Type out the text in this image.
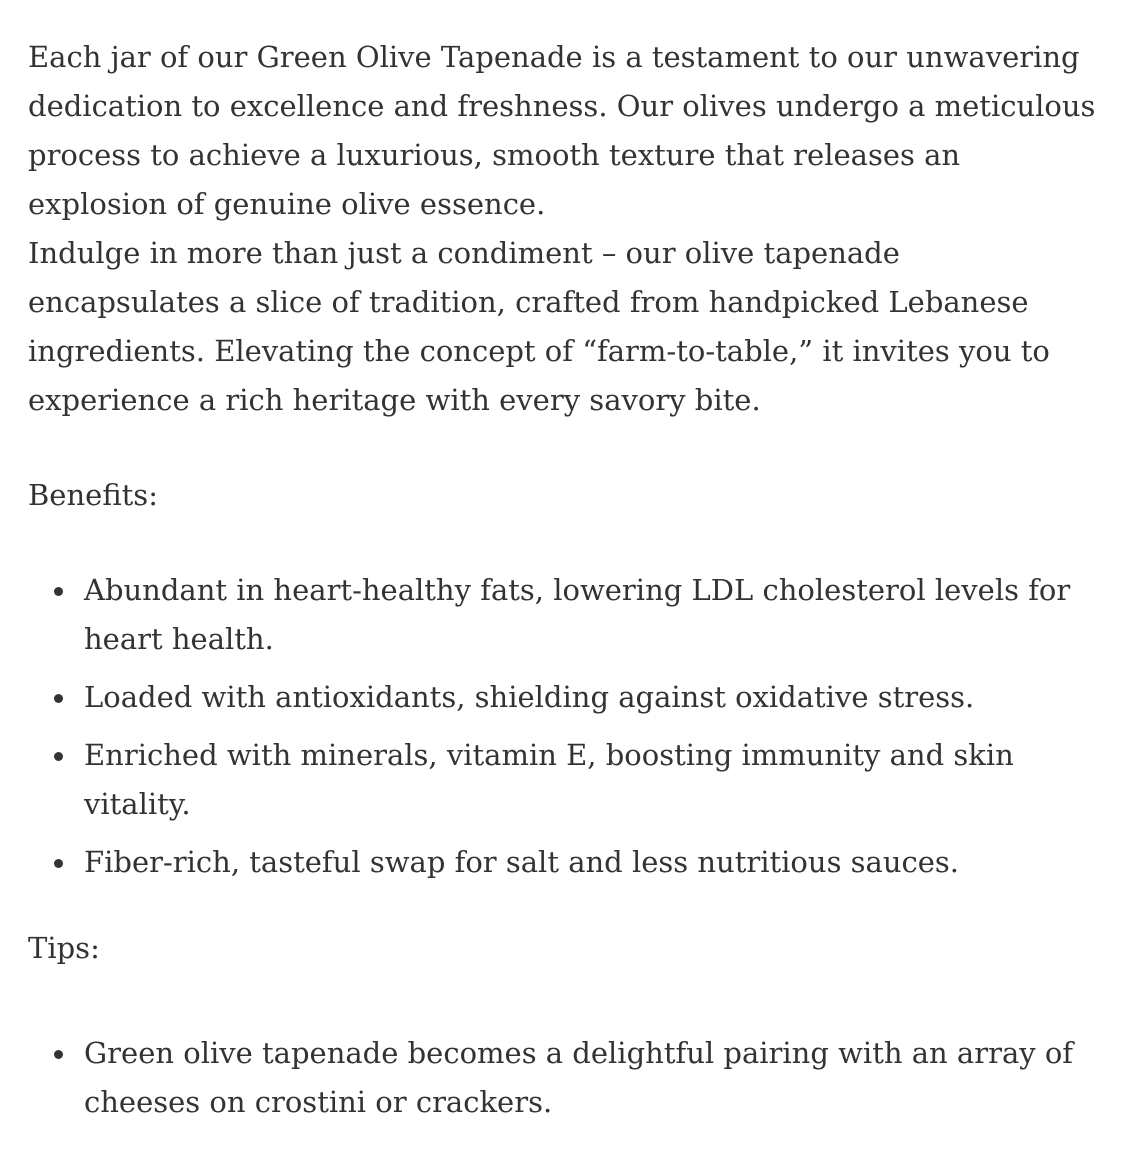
Each jar of our Green Olive Tapenade is a testament to our unwavering dedication to excellence and freshness. Our olives undergo a meticulous process to achieve a luxurious, smooth texture that releases an explosion of genuine olive essence.

Indulge in more than just a condiment – our olive tapenade encapsulates a slice of tradition, crafted from handpicked Lebanese ingredients. Elevating the concept of “farm-to-table,” it invites you to experience a rich heritage with every savory bite.

Benefits:

Abundant in heart-healthy fats, lowering LDL cholesterol levels for heart health.
Loaded with antioxidants, shielding against oxidative stress.
Enriched with minerals, vitamin E, boosting immunity and skin vitality.
Fiber-rich, tasteful swap for salt and less nutritious sauces.

Tips:

Green olive tapenade becomes a delightful pairing with an array of cheeses on crostini or crackers.
